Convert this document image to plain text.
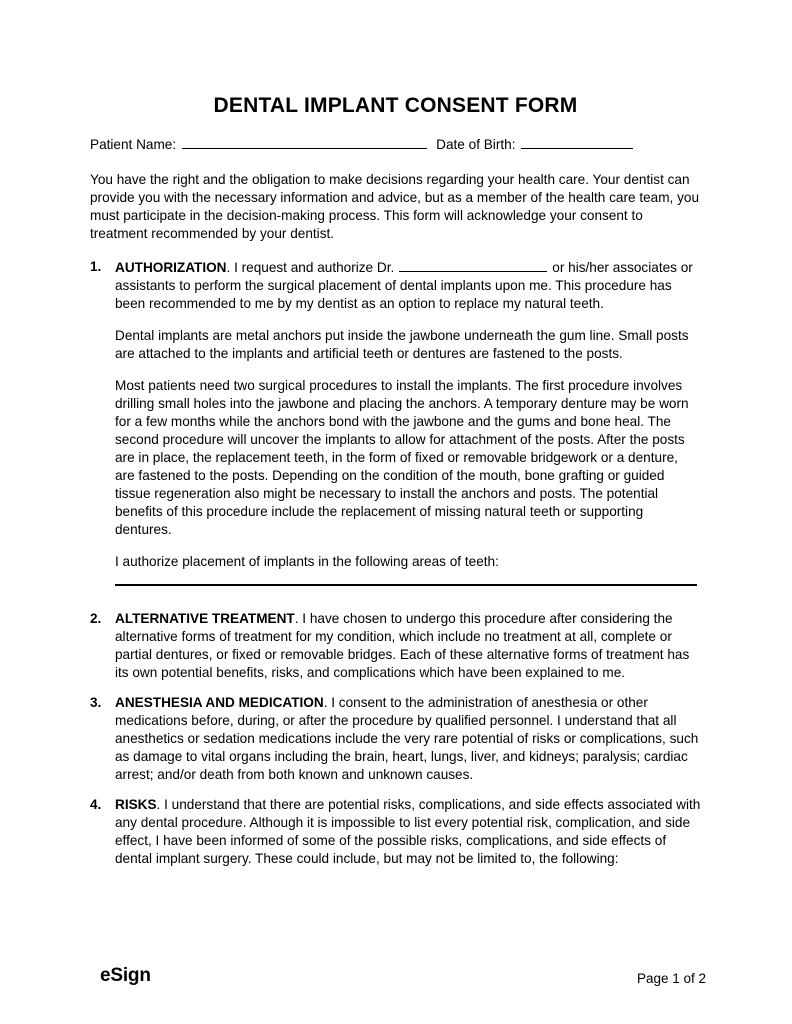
DENTAL IMPLANT CONSENT FORM
Patient Name:	Date of Birth:

You have the right and the obligation to make decisions regarding your health care. Your dentist can provide you with the necessary information and advice, but as a member of the health care team, you must participate in the decision-making process. This form will acknowledge your consent to treatment recommended by your dentist.

1.	AUTHORIZATION. I request and authorize Dr.	or his/her associates or assistants to perform the surgical placement of dental implants upon me. This procedure has been recommended to me by my dentist as an option to replace my natural teeth.

Dental implants are metal anchors put inside the jawbone underneath the gum line. Small posts are attached to the implants and artificial teeth or dentures are fastened to the posts.

Most patients need two surgical procedures to install the implants. The first procedure involves drilling small holes into the jawbone and placing the anchors. A temporary denture may be worn for a few months while the anchors bond with the jawbone and the gums and bone heal. The second procedure will uncover the implants to allow for attachment of the posts. After the posts are in place, the replacement teeth, in the form of fixed or removable bridgework or a denture, are fastened to the posts. Depending on the condition of the mouth, bone grafting or guided tissue regeneration also might be necessary to install the anchors and posts. The potential benefits of this procedure include the replacement of missing natural teeth or supporting dentures.

I authorize placement of implants in the following areas of teeth:

2.	ALTERNATIVE TREATMENT. I have chosen to undergo this procedure after considering the alternative forms of treatment for my condition, which include no treatment at all, complete or partial dentures, or fixed or removable bridges. Each of these alternative forms of treatment has its own potential benefits, risks, and complications which have been explained to me.

3.	ANESTHESIA AND MEDICATION. I consent to the administration of anesthesia or other medications before, during, or after the procedure by qualified personnel. I understand that all anesthetics or sedation medications include the very rare potential of risks or complications, such as damage to vital organs including the brain, heart, lungs, liver, and kidneys; paralysis; cardiac arrest; and/or death from both known and unknown causes.

4.	RISKS. I understand that there are potential risks, complications, and side effects associated with any dental procedure. Although it is impossible to list every potential risk, complication, and side effect, I have been informed of some of the possible risks, complications, and side effects of dental implant surgery. These could include, but may not be limited to, the following:

eSign	Page 1 of 2
